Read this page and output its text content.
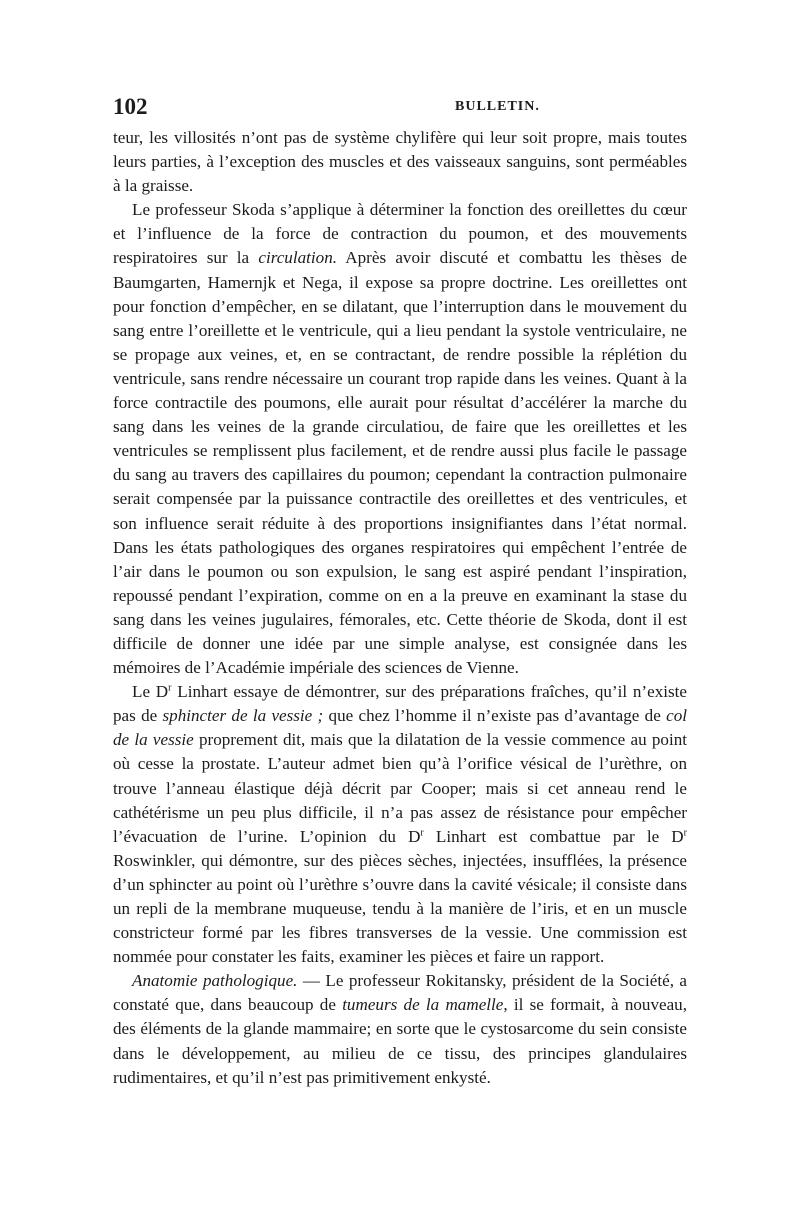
102	BULLETIN.

teur, les villosités n’ont pas de système chylifère qui leur soit propre, mais toutes leurs parties, à l’exception des muscles et des vaisseaux sanguins, sont perméables à la graisse.

Le professeur Skoda s’applique à déterminer la fonction des oreillettes du cœur et l’influence de la force de contraction du poumon, et des mouvements respiratoires sur la circulation. Après avoir discuté et combattu les thèses de Baumgarten, Hamernjk et Nega, il expose sa propre doctrine. Les oreillettes ont pour fonction d’empêcher, en se dilatant, que l’interruption dans le mouvement du sang entre l’oreillette et le ventricule, qui a lieu pendant la systole ventriculaire, ne se propage aux veines, et, en se contractant, de rendre possible la réplétion du ventricule, sans rendre nécessaire un courant trop rapide dans les veines. Quant à la force contractile des poumons, elle aurait pour résultat d’accélérer la marche du sang dans les veines de la grande circulatiou, de faire que les oreillettes et les ventricules se remplissent plus facilement, et de rendre aussi plus facile le passage du sang au travers des capillaires du poumon; cependant la contraction pulmonaire serait compensée par la puissance contractile des oreillettes et des ventricules, et son influence serait réduite à des proportions insignifiantes dans l’état normal. Dans les états pathologiques des organes respiratoires qui empêchent l’entrée de l’air dans le poumon ou son expulsion, le sang est aspiré pendant l’inspiration, repoussé pendant l’expiration, comme on en a la preuve en examinant la stase du sang dans les veines jugulaires, fémorales, etc. Cette théorie de Skoda, dont il est difficile de donner une idée par une simple analyse, est consignée dans les mémoires de l’Académie impériale des sciences de Vienne.

Le $D^r$ Linhart essaye de démontrer, sur des préparations fraîches, qu’il n’existe pas de sphincter de la vessie ; que chez l’homme il n’existe pas d’avantage de col de la vessie proprement dit, mais que la dilatation de la vessie commence au point où cesse la prostate. L’auteur admet bien qu’à l’orifice vésical de l’urèthre, on trouve l’anneau élastique déjà décrit par Cooper; mais si cet anneau rend le cathétérisme un peu plus difficile, il n’a pas assez de résistance pour empêcher l’évacuation de l’urine. L’opinion du $D^r$ Linhart est combattue par le $D^r$ Roswinkler, qui démontre, sur des pièces sèches, injectées, insufflées, la présence d’un sphincter au point où l’urèthre s’ouvre dans la cavité vésicale; il consiste dans un repli de la membrane muqueuse, tendu à la manière de l’iris, et en un muscle constricteur formé par les fibres transverses de la vessie. Une commission est nommée pour constater les faits, examiner les pièces et faire un rapport.

Anatomie pathologique. — Le professeur Rokitansky, président de la Société, a constaté que, dans beaucoup de tumeurs de la mamelle, il se formait, à nouveau, des éléments de la glande mammaire; en sorte que le cystosarcome du sein consiste dans le développement, au milieu de ce tissu, des principes glandulaires rudimentaires, et qu’il n’est pas primitivement enkysté.
